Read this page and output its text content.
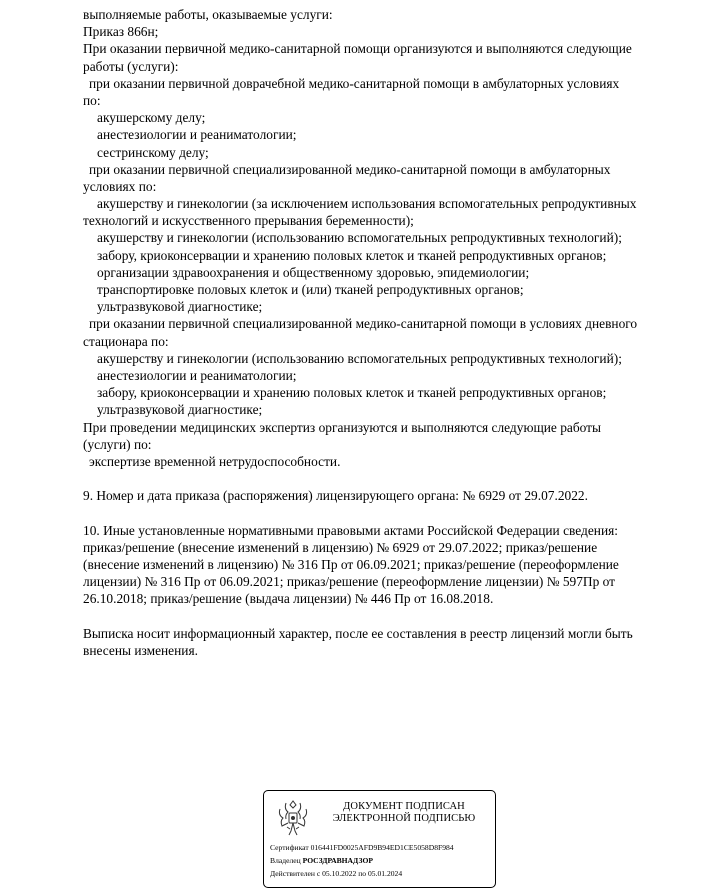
выполняемые работы, оказываемые услуги:
Приказ 866н;
При оказании первичной медико-санитарной помощи организуются и выполняются следующие
работы (услуги):
при оказании первичной доврачебной медико-санитарной помощи в амбулаторных условиях
по:
акушерскому делу;
анестезиологии и реаниматологии;
сестринскому делу;
при оказании первичной специализированной медико-санитарной помощи в амбулаторных
условиях по:
акушерству и гинекологии (за исключением использования вспомогательных репродуктивных
технологий и искусственного прерывания беременности);
акушерству и гинекологии (использованию вспомогательных репродуктивных технологий);
забору, криоконсервации и хранению половых клеток и тканей репродуктивных органов;
организации здравоохранения и общественному здоровью, эпидемиологии;
транспортировке половых клеток и (или) тканей репродуктивных органов;
ультразвуковой диагностике;
при оказании первичной специализированной медико-санитарной помощи в условиях дневного
стационара по:
акушерству и гинекологии (использованию вспомогательных репродуктивных технологий);
анестезиологии и реаниматологии;
забору, криоконсервации и хранению половых клеток и тканей репродуктивных органов;
ультразвуковой диагностике;
При проведении медицинских экспертиз организуются и выполняются следующие работы
(услуги) по:
экспертизе временной нетрудоспособности.
9. Номер и дата приказа (распоряжения) лицензирующего органа: № 6929 от 29.07.2022.
10. Иные установленные нормативными правовыми актами Российской Федерации сведения:
приказ/решение (внесение изменений в лицензию) № 6929 от 29.07.2022; приказ/решение
(внесение изменений в лицензию) № 316 Пр от 06.09.2021; приказ/решение (переоформление
лицензии) № 316 Пр от 06.09.2021; приказ/решение (переоформление лицензии) № 597Пр от
26.10.2018; приказ/решение (выдача лицензии) № 446 Пр от 16.08.2018.
Выписка носит информационный характер, после ее составления в реестр лицензий могли быть
внесены изменения.
ДОКУМЕНТ ПОДПИСАН
ЭЛЕКТРОННОЙ ПОДПИСЬЮ
Сертификат 016441FD0025AFD9B94ED1CE5058D8F984
Владелец РОСЗДРАВНАДЗОР
Действителен с 05.10.2022 по 05.01.2024
